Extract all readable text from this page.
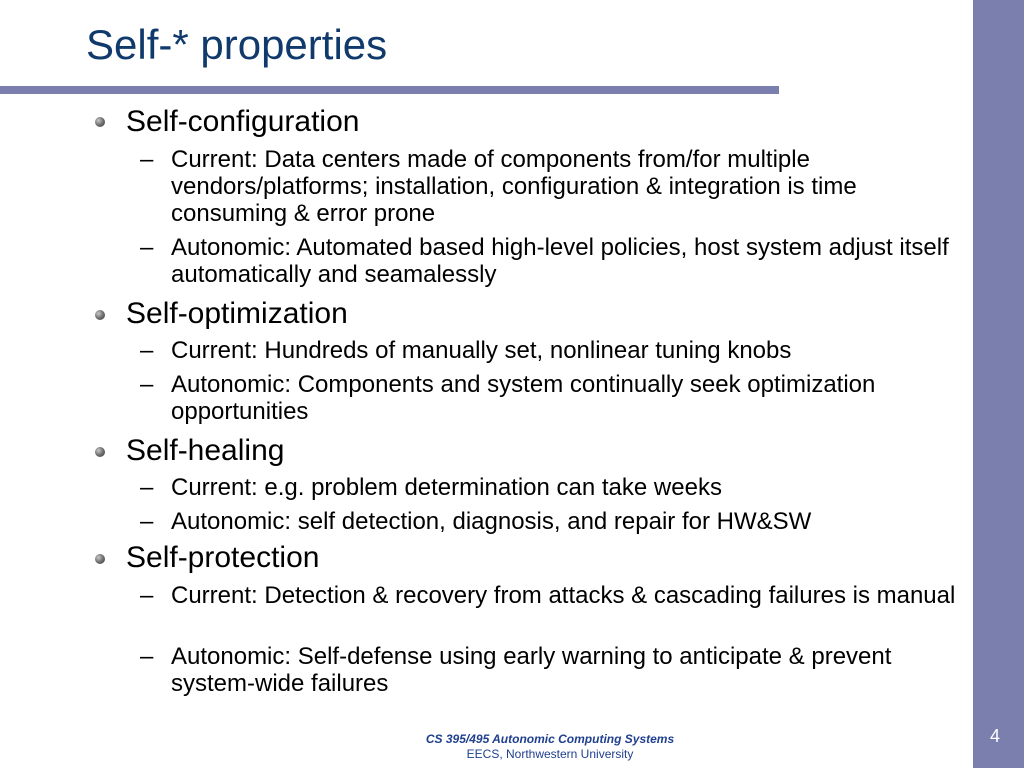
Self-* properties
Self-configuration
– Current: Data centers made of components from/for multiple vendors/platforms; installation, configuration & integration is time consuming & error prone
– Autonomic: Automated based high-level policies, host system adjust itself automatically and seamalessly
Self-optimization
– Current: Hundreds of manually set, nonlinear tuning knobs
– Autonomic: Components and system continually seek optimization opportunities
Self-healing
– Current: e.g. problem determination can take weeks
– Autonomic: self detection, diagnosis, and repair for HW&SW
Self-protection
– Current: Detection & recovery from attacks & cascading failures is manual
– Autonomic: Self-defense using early warning to anticipate & prevent system-wide failures
CS 395/495 Autonomic Computing Systems
EECS, Northwestern University
4
